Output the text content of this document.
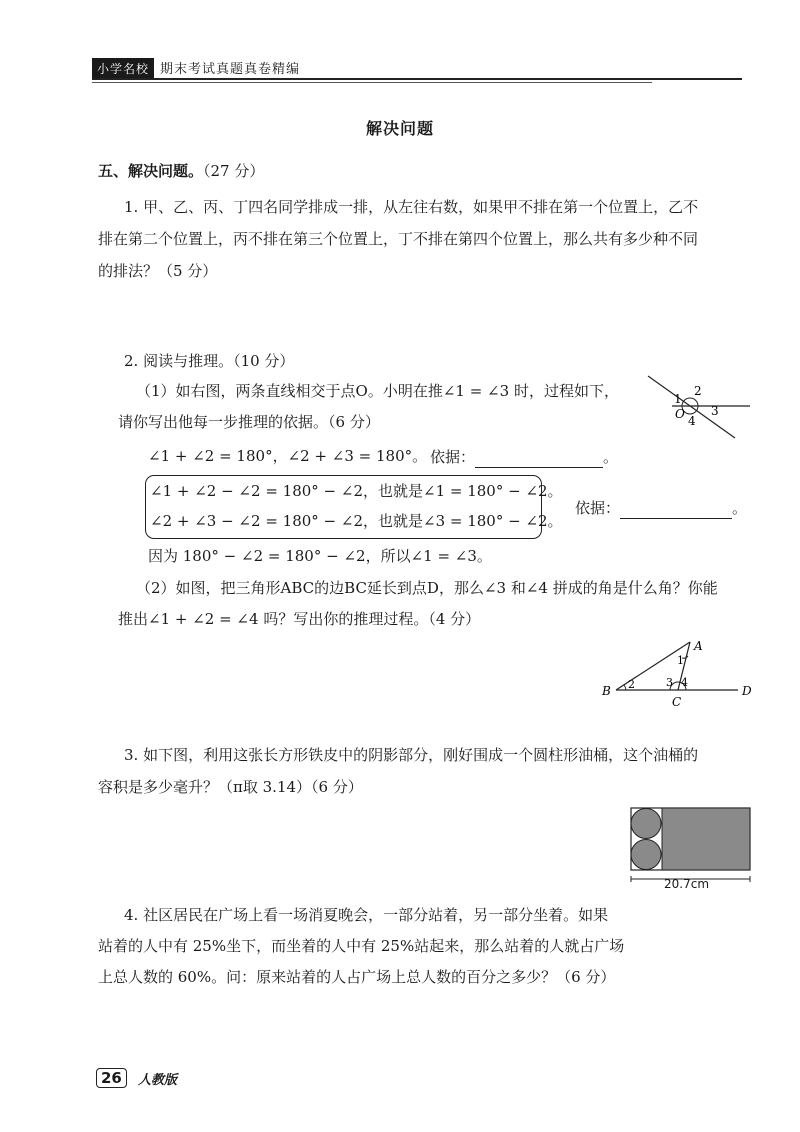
小学名校 期末考试真题真卷精编
解决问题
五、解决问题。（27 分）
1. 甲、乙、丙、丁四名同学排成一排，从左往右数，如果甲不排在第一个位置上，乙不
排在第二个位置上，丙不排在第三个位置上，丁不排在第四个位置上，那么共有多少种不同
的排法？（5 分）
2. 阅读与推理。（10 分）
（1）如右图，两条直线相交于点O。小明在推∠1 = ∠3 时，过程如下，
请你写出他每一步推理的依据。（6 分）
1
2
3
4
O
∠1 + ∠2 = 180°，∠2 + ∠3 = 180°。 依据：	。
∠1 + ∠2 − ∠2 = 180° − ∠2，也就是∠1 = 180° − ∠2。
∠2 + ∠3 − ∠2 = 180° − ∠2，也就是∠3 = 180° − ∠2。
依据：	。
因为 180° − ∠2 = 180° − ∠2，所以∠1 = ∠3。
（2）如图，把三角形ABC的边BC延长到点D，那么∠3 和∠4 拼成的角是什么角？你能
推出∠1 + ∠2 = ∠4 吗？写出你的推理过程。（4 分）
A
B
C
D
1
2	3 4
3. 如下图，利用这张长方形铁皮中的阴影部分，刚好围成一个圆柱形油桶，这个油桶的
容积是多少毫升？（π取 3.14）（6 分）
20.7cm
4. 社区居民在广场上看一场消夏晚会，一部分站着，另一部分坐着。如果
站着的人中有 25%坐下，而坐着的人中有 25%站起来，那么站着的人就占广场
上总人数的 60%。问：原来站着的人占广场上总人数的百分之多少？（6 分）
26	人教版
